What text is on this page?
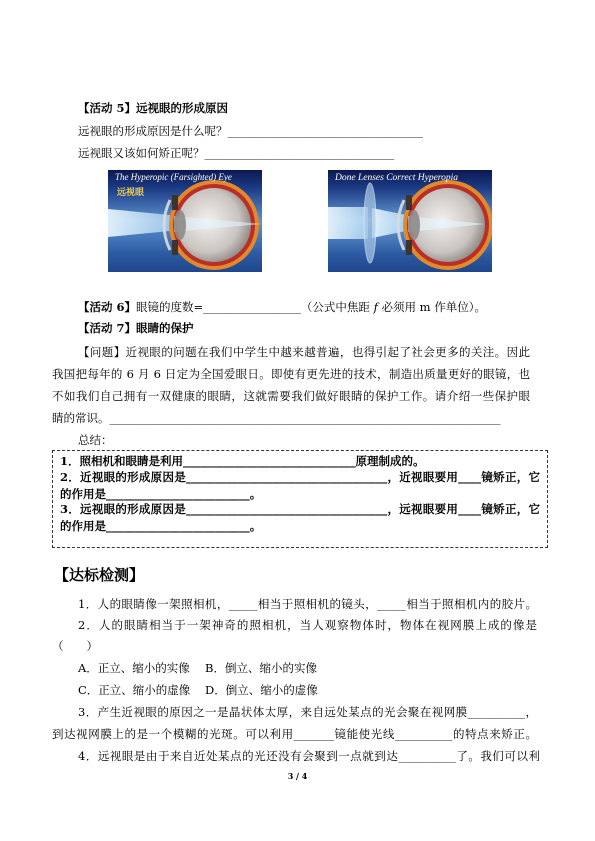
【活动 5】远视眼的形成原因
远视眼的形成原因是什么呢？__________________________________
远视眼又该如何矫正呢？_________________________________
The Hyperopic (Farsighted) Eye
远视眼
Done Lenses Correct Hyperopia
【活动 6】眼镜的度数=_________________（公式中焦距 f 必须用 m 作单位）。
【活动 7】眼睛的保护
【问题】近视眼的问题在我们中学生中越来越普遍，也得引起了社会更多的关注。因此
我国把每年的 6 月 6 日定为全国爱眼日。即使有更先进的技术，制造出质量更好的眼镜，也
不如我们自己拥有一双健康的眼睛，这就需要我们做好眼睛的保护工作。请介绍一些保护眼
睛的常识。____________________________________________________________________
总结：
1．照相机和眼睛是利用______________________________原理制成的。
2．近视眼的形成原因是___________________________________，近视眼要用____镜矫正，它
的作用是_________________________。
3．远视眼的形成原因是___________________________________，远视眼要用____镜矫正，它
的作用是_________________________。
【达标检测】
1．人的眼睛像一架照相机，_____相当于照相机的镜头，_____相当于照相机内的胶片。
2．人的眼睛相当于一架神奇的照相机，当人观察物体时，物体在视网膜上成的像是
（　　）
A．正立、缩小的实像 B．倒立、缩小的实像
C．正立、缩小的虚像 D．倒立、缩小的虚像
3．产生近视眼的原因之一是晶状体太厚，来自远处某点的光会聚在视网膜__________，
到达视网膜上的是一个模糊的光斑。可以利用_______镜能使光线__________的特点来矫正。
4．远视眼是由于来自近处某点的光还没有会聚到一点就到达__________了。我们可以利
3 / 4
